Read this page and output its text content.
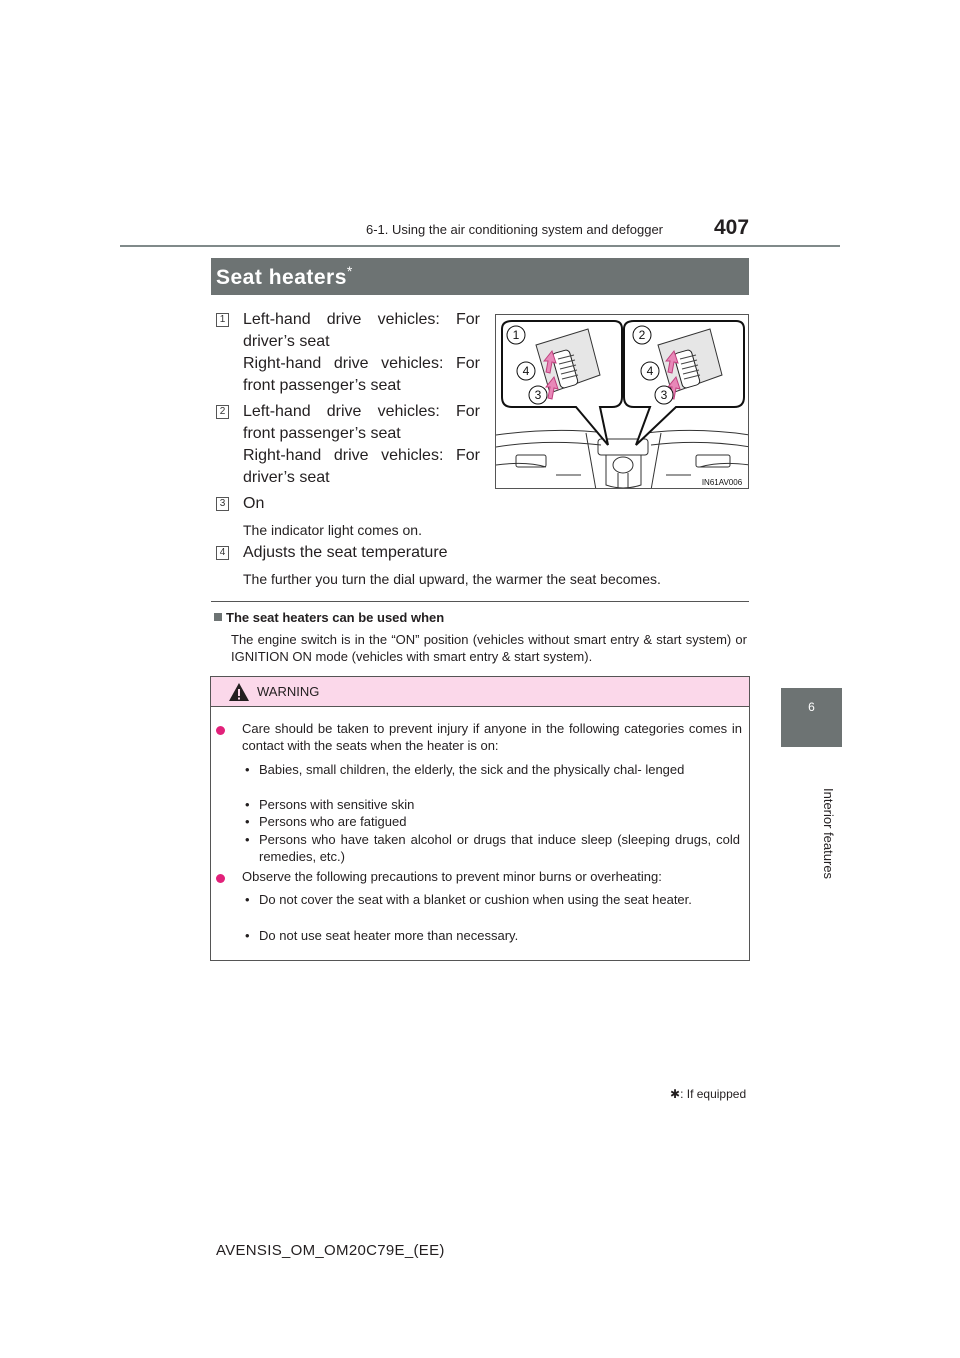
6-1. Using the air conditioning system and defogger 407
6
Interior features
Seat heaters*
1 Left-hand drive vehicles: For
driver’s seat
Right-hand drive vehicles: For
front passenger’s seat
2 Left-hand drive vehicles: For
front passenger’s seat
Right-hand drive vehicles: For
driver’s seat
3 On
The indicator light comes on.
4 Adjusts the seat temperature
The further you turn the dial upward, the warmer the seat becomes.
1
4
3
2
4
3
IN61AV006
The seat heaters can be used when
The engine switch is in the “ON” position (vehicles without smart entry & start system) or IGNITION ON mode (vehicles with smart entry & start system).
WARNING
Care should be taken to prevent injury if anyone in the following categories comes in contact with the seats when the heater is on:
• Babies, small children, the elderly, the sick and the physically chal- lenged
• Persons with sensitive skin
• Persons who are fatigued
• Persons who have taken alcohol or drugs that induce sleep (sleeping drugs, cold remedies, etc.)
Observe the following precautions to prevent minor burns or overheating:
• Do not cover the seat with a blanket or cushion when using the seat heater.
• Do not use seat heater more than necessary.
✱: If equipped
AVENSIS_OM_OM20C79E_(EE)
